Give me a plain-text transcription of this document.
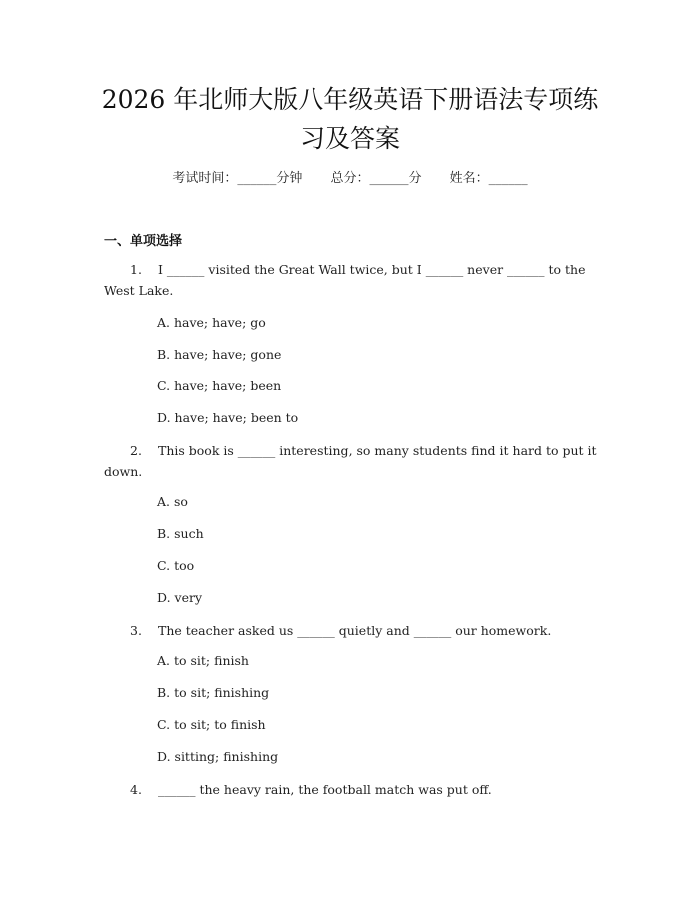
2026 年北师大版八年级英语下册语法专项练
习及答案
考试时间：______分钟 总分：______分 姓名：______
一、单项选择

1. I ______ visited the Great Wall twice, but I ______ never ______ to the West Lake.

A. have; have; go
B. have; have; gone
C. have; have; been
D. have; have; been to

2. This book is ______ interesting, so many students find it hard to put it down.

A. so
B. such
C. too
D. very

3. The teacher asked us ______ quietly and ______ our homework.

A. to sit; finish
B. to sit; finishing
C. to sit; to finish
D. sitting; finishing

4. ______ the heavy rain, the football match was put off.
